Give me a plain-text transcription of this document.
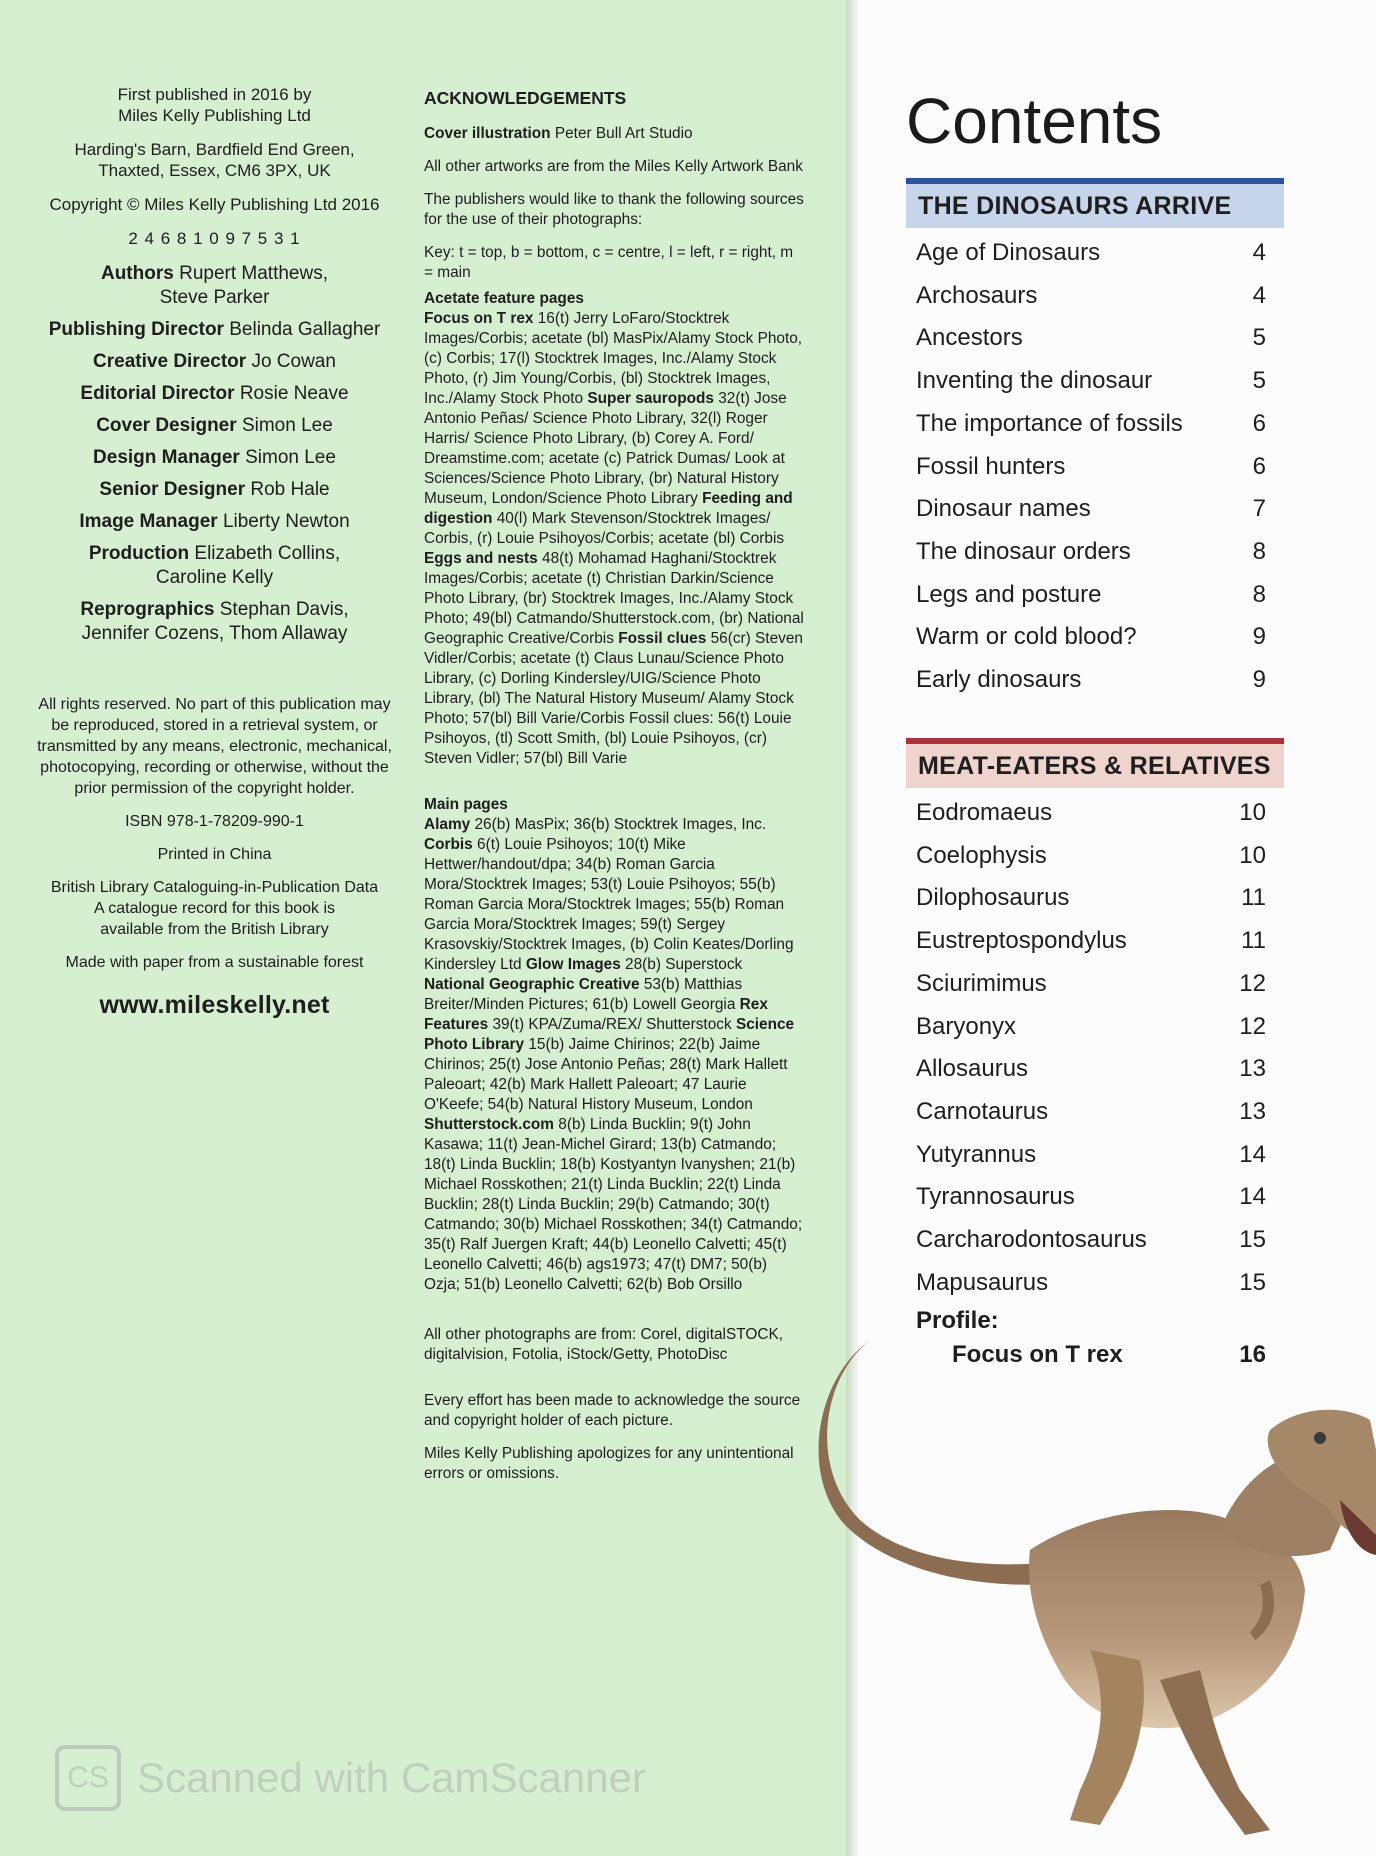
First published in 2016 by
Miles Kelly Publishing Ltd
Harding's Barn, Bardfield End Green,
Thaxted, Essex, CM6 3PX, UK
Copyright © Miles Kelly Publishing Ltd 2016
2 4 6 8 1 0 9 7 5 3 1
Authors Rupert Matthews,
Steve Parker
Publishing Director Belinda Gallagher
Creative Director Jo Cowan
Editorial Director Rosie Neave
Cover Designer Simon Lee
Design Manager Simon Lee
Senior Designer Rob Hale
Image Manager Liberty Newton
Production Elizabeth Collins,
Caroline Kelly
Reprographics Stephan Davis,
Jennifer Cozens, Thom Allaway
All rights reserved. No part of this publication may be reproduced, stored in a retrieval system, or transmitted by any means, electronic, mechanical, photocopying, recording or otherwise, without the prior permission of the copyright holder.
ISBN 978-1-78209-990-1
Printed in China
British Library Cataloguing-in-Publication Data
A catalogue record for this book is available from the British Library
Made with paper from a sustainable forest
www.mileskelly.net

ACKNOWLEDGEMENTS

Cover illustration Peter Bull Art Studio

All other artworks are from the Miles Kelly Artwork Bank

The publishers would like to thank the following sources for the use of their photographs:

Key: t = top, b = bottom, c = centre, l = left, r = right, m = main

Acetate feature pages

Focus on T rex 16(t) Jerry LoFaro/Stocktrek Images/Corbis; acetate (bl) MasPix/Alamy Stock Photo, (c) Corbis; 17(l) Stocktrek Images, Inc./Alamy Stock Photo, (r) Jim Young/Corbis, (bl) Stocktrek Images, Inc./Alamy Stock Photo Super sauropods 32(t) Jose Antonio Peñas/ Science Photo Library, 32(l) Roger Harris/ Science Photo Library, (b) Corey A. Ford/ Dreamstime.com; acetate (c) Patrick Dumas/ Look at Sciences/Science Photo Library, (br) Natural History Museum, London/Science Photo Library Feeding and digestion 40(l) Mark Stevenson/Stocktrek Images/ Corbis, (r) Louie Psihoyos/Corbis; acetate (bl) Corbis Eggs and nests 48(t) Mohamad Haghani/Stocktrek Images/Corbis; acetate (t) Christian Darkin/Science Photo Library, (br) Stocktrek Images, Inc./Alamy Stock Photo; 49(bl) Catmando/Shutterstock.com, (br) National Geographic Creative/Corbis Fossil clues 56(cr) Steven Vidler/Corbis; acetate (t) Claus Lunau/Science Photo Library, (c) Dorling Kindersley/UIG/Science Photo Library, (bl) The Natural History Museum/ Alamy Stock Photo; 57(bl) Bill Varie/Corbis Fossil clues: 56(t) Louie Psihoyos, (tl) Scott Smith, (bl) Louie Psihoyos, (cr) Steven Vidler; 57(bl) Bill Varie

Main pages

Alamy 26(b) MasPix; 36(b) Stocktrek Images, Inc. Corbis 6(t) Louie Psihoyos; 10(t) Mike Hettwer/handout/dpa; 34(b) Roman Garcia Mora/Stocktrek Images; 53(t) Louie Psihoyos; 55(b) Roman Garcia Mora/Stocktrek Images; 55(b) Roman Garcia Mora/Stocktrek Images; 59(t) Sergey Krasovskiy/Stocktrek Images, (b) Colin Keates/Dorling Kindersley Ltd Glow Images 28(b) Superstock National Geographic Creative 53(b) Matthias Breiter/Minden Pictures; 61(b) Lowell Georgia Rex Features 39(t) KPA/Zuma/REX/ Shutterstock Science Photo Library 15(b) Jaime Chirinos; 22(b) Jaime Chirinos; 25(t) Jose Antonio Peñas; 28(t) Mark Hallett Paleoart; 42(b) Mark Hallett Paleoart; 47 Laurie O'Keefe; 54(b) Natural History Museum, London Shutterstock.com 8(b) Linda Bucklin; 9(t) John Kasawa; 11(t) Jean-Michel Girard; 13(b) Catmando; 18(t) Linda Bucklin; 18(b) Kostyantyn Ivanyshen; 21(b) Michael Rosskothen; 21(t) Linda Bucklin; 22(t) Linda Bucklin; 28(t) Linda Bucklin; 29(b) Catmando; 30(t) Catmando; 30(b) Michael Rosskothen; 34(t) Catmando; 35(t) Ralf Juergen Kraft; 44(b) Leonello Calvetti; 45(t) Leonello Calvetti; 46(b) ags1973; 47(t) DM7; 50(b) Ozja; 51(b) Leonello Calvetti; 62(b) Bob Orsillo

All other photographs are from: Corel, digitalSTOCK, digitalvision, Fotolia, iStock/Getty, PhotoDisc

Every effort has been made to acknowledge the source and copyright holder of each picture.

Miles Kelly Publishing apologizes for any unintentional errors or omissions.

Contents
THE DINOSAURS ARRIVE
Age of Dinosaurs	4
Archosaurs	4
Ancestors	5
Inventing the dinosaur	5
The importance of fossils	6
Fossil hunters	6
Dinosaur names	7
The dinosaur orders	8
Legs and posture	8
Warm or cold blood?	9
Early dinosaurs	9
MEAT-EATERS & RELATIVES
Eodromaeus	10
Coelophysis	10
Dilophosaurus	11
Eustreptospondylus	11
Sciurimimus	12
Baryonyx	12
Allosaurus	13
Carnotaurus	13
Yutyrannus	14
Tyrannosaurus	14
Carcharodontosaurus	15
Mapusaurus	15
Profile:
Focus on T rex	16
CS Scanned with CamScanner
